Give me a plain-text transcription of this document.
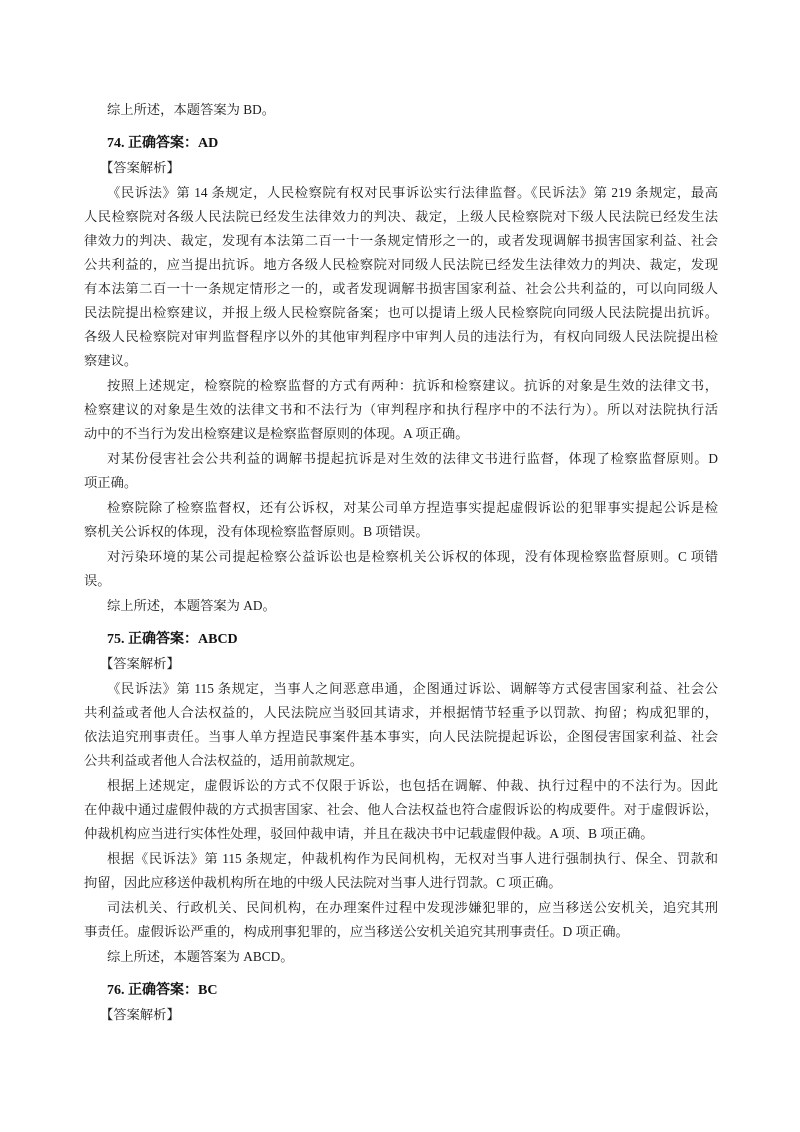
综上所述，本题答案为 BD。
74. 正确答案：AD
【答案解析】
《民诉法》第 14 条规定，人民检察院有权对民事诉讼实行法律监督。《民诉法》第 219 条规定，最高
人民检察院对各级人民法院已经发生法律效力的判决、裁定，上级人民检察院对下级人民法院已经发生法
律效力的判决、裁定，发现有本法第二百一十一条规定情形之一的，或者发现调解书损害国家利益、社会
公共利益的，应当提出抗诉。地方各级人民检察院对同级人民法院已经发生法律效力的判决、裁定，发现
有本法第二百一十一条规定情形之一的，或者发现调解书损害国家利益、社会公共利益的，可以向同级人
民法院提出检察建议，并报上级人民检察院备案；也可以提请上级人民检察院向同级人民法院提出抗诉。
各级人民检察院对审判监督程序以外的其他审判程序中审判人员的违法行为，有权向同级人民法院提出检
察建议。
按照上述规定，检察院的检察监督的方式有两种：抗诉和检察建议。抗诉的对象是生效的法律文书，
检察建议的对象是生效的法律文书和不法行为（审判程序和执行程序中的不法行为）。所以对法院执行活
动中的不当行为发出检察建议是检察监督原则的体现。A 项正确。
对某份侵害社会公共利益的调解书提起抗诉是对生效的法律文书进行监督，体现了检察监督原则。D
项正确。
检察院除了检察监督权，还有公诉权，对某公司单方捏造事实提起虚假诉讼的犯罪事实提起公诉是检
察机关公诉权的体现，没有体现检察监督原则。B 项错误。
对污染环境的某公司提起检察公益诉讼也是检察机关公诉权的体现，没有体现检察监督原则。C 项错
误。
综上所述，本题答案为 AD。
75. 正确答案：ABCD
【答案解析】
《民诉法》第 115 条规定，当事人之间恶意串通，企图通过诉讼、调解等方式侵害国家利益、社会公
共利益或者他人合法权益的，人民法院应当驳回其请求，并根据情节轻重予以罚款、拘留；构成犯罪的，
依法追究刑事责任。当事人单方捏造民事案件基本事实，向人民法院提起诉讼，企图侵害国家利益、社会
公共利益或者他人合法权益的，适用前款规定。
根据上述规定，虚假诉讼的方式不仅限于诉讼，也包括在调解、仲裁、执行过程中的不法行为。因此
在仲裁中通过虚假仲裁的方式损害国家、社会、他人合法权益也符合虚假诉讼的构成要件。对于虚假诉讼，
仲裁机构应当进行实体性处理，驳回仲裁申请，并且在裁决书中记载虚假仲裁。A 项、B 项正确。
根据《民诉法》第 115 条规定，仲裁机构作为民间机构，无权对当事人进行强制执行、保全、罚款和
拘留，因此应移送仲裁机构所在地的中级人民法院对当事人进行罚款。C 项正确。
司法机关、行政机关、民间机构，在办理案件过程中发现涉嫌犯罪的，应当移送公安机关，追究其刑
事责任。虚假诉讼严重的，构成刑事犯罪的，应当移送公安机关追究其刑事责任。D 项正确。
综上所述，本题答案为 ABCD。
76. 正确答案：BC
【答案解析】
